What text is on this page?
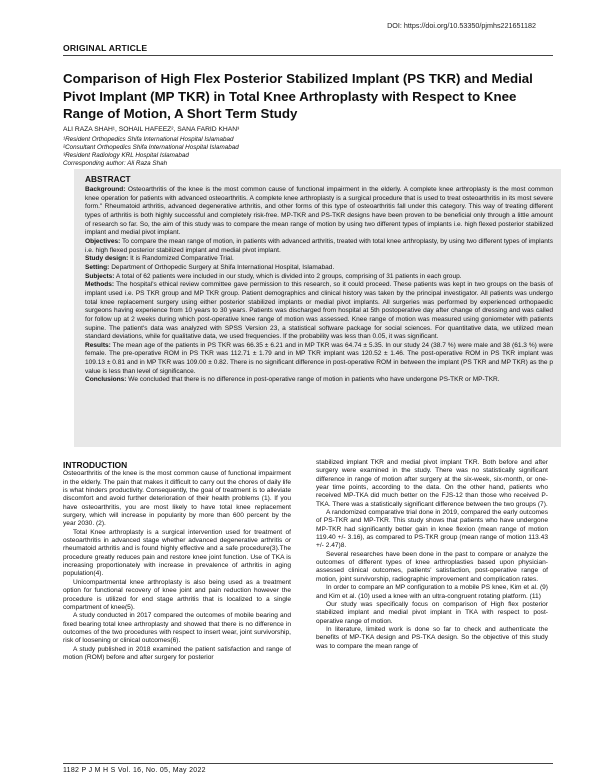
DOI: https://doi.org/10.53350/pjmhs221651182
ORIGINAL ARTICLE
Comparison of High Flex Posterior Stabilized Implant (PS TKR) and Medial Pivot Implant (MP TKR) in Total Knee Arthroplasty with Respect to Knee Range of Motion, A Short Term Study
ALI RAZA SHAH¹, SOHAIL HAFEEZ², SANA FARID KHAN³
¹Resident Orthopedics Shifa International Hospital Islamabad
²Consultant Orthopedics Shifa International Hospital Islamabad
³Resident Radiology KRL Hospital Islamabad
Corresponding author: Ali Raza Shah
ABSTRACT

Background: Osteoarthritis of the knee is the most common cause of functional impairment in the elderly. A complete knee arthroplasty is the most common knee operation for patients with advanced osteoarthritis. A complete knee arthroplasty is a surgical procedure that is used to treat osteoarthritis in its most severe form." Rheumatoid arthritis, advanced degenerative arthritis, and other forms of this type of osteoarthritis fall under this category. This way of treating different types of arthritis is both highly successful and completely risk-free. MP-TKR and PS-TKR designs have been proven to be beneficial only through a little amount of research so far. So, the aim of this study was to compare the mean range of motion by using two different types of implants i.e. high flexed posterior stabilized implant and medial pivot implant.

Objectives: To compare the mean range of motion, in patients with advanced arthritis, treated with total knee arthroplasty, by using two different types of implants i.e. high flexed posterior stabilized implant and medial pivot implant.

Study design: It is Randomized Comparative Trial.

Setting: Department of Orthopedic Surgery at Shifa International Hospital, Islamabad.

Subjects: A total of 62 patients were included in our study, which is divided into 2 groups, comprising of 31 patients in each group.

Methods: The hospital's ethical review committee gave permission to this research, so it could proceed. These patients was kept in two groups on the basis of implant used i.e. PS TKR group and MP TKR group. Patient demographics and clinical history was taken by the principal investigator. All patients was undergo total knee replacement surgery using either posterior stabilized implants or medial pivot implants. All surgeries was performed by experienced orthopaedic surgeons having experience from 10 years to 30 years. Patients was discharged from hospital at 5th postoperative day after change of dressing and was called for follow up at 2 weeks during which post-operative knee range of motion was assessed. Knee range of motion was measured using goniometer with patients supine. The patient's data was analyzed with SPSS Version 23, a statistical software package for social sciences. For quantitative data, we utilized mean standard deviations, while for qualitative data, we used frequencies. If the probability was less than 0.05, it was significant.

Results: The mean age of the patients in PS TKR was 66.35 ± 6.21 and in MP TKR was 64.74 ± 5.35. In our study 24 (38.7 %) were male and 38 (61.3 %) were female. The pre-operative ROM in PS TKR was 112.71 ± 1.79 and in MP TKR implant was 120.52 ± 1.46. The post-operative ROM in PS TKR implant was 109.13 ± 0.81 and in MP TKR was 109.00 ± 0.82. There is no significant difference in post-operative ROM in between the implant (PS TKR and MP TKR) as the p value is less than level of significance.

Conclusions: We concluded that there is no difference in post-operative range of motion in patients who have undergone PS-TKR or MP-TKR.

INTRODUCTION

Osteoarthritis of the knee is the most common cause of functional impairment in the elderly. The pain that makes it difficult to carry out the chores of daily life is what hinders productivity. Consequently, the goal of treatment is to alleviate discomfort and avoid further deterioration of their health problems (1). If you have osteoarthritis, you are most likely to have total knee replacement surgery, which will increase in popularity by more than 600 percent by the year 2030. (2).

Total Knee arthroplasty is a surgical intervention used for treatment of osteoarthritis in advanced stage whether advanced degenerative arthritis or rheumatoid arthritis and is found highly effective and a safe procedure(3).The procedure greatly reduces pain and restore knee joint function. Use of TKA is increasing proportionately with increase in prevalence of arthritis in aging population(4).

Unicompartmental knee arthroplasty is also being used as a treatment option for functional recovery of knee joint and pain reduction however the procedure is utilized for end stage arthritis that is localized to a single compartment of knee(5).

A study conducted in 2017 compared the outcomes of mobile bearing and fixed bearing total knee arthroplasty and showed that there is no difference in outcomes of the two procedures with respect to insert wear, joint survivorship, risk of loosening or clinical outcomes(6).

A study published in 2018 examined the patient satisfaction and range of motion (ROM) before and after surgery for posterior

stabilized implant TKR and medial pivot implant TKR. Both before and after surgery were examined in the study. There was no statistically significant difference in range of motion after surgery at the six-week, six-month, or one-year time points, according to the data. On the other hand, patients who received MP-TKA did much better on the FJS-12 than those who received P-TKA. There was a statistically significant difference between the two groups (7).

A randomized comparative trial done in 2019, compared the early outcomes of PS-TKR and MP-TKR. This study shows that patients who have undergone MP-TKR had significantly better gain in knee flexion (mean range of motion 119.40 +/- 3.16), as compared to PS-TKR group (mean range of motion 113.43 +/- 2.47)8.

Several researches have been done in the past to compare or analyze the outcomes of different types of knee arthroplasties based upon physician-assessed clinical outcomes, patients' satisfaction, post-operative range of motion, joint survivorship, radiographic improvement and complication rates.

In order to compare an MP configuration to a mobile PS knee, Kim et al. (9) and Kim et al. (10) used a knee with an ultra-congruent rotating platform. (11)

Our study was specifically focus on comparison of High flex posterior stabilized implant and medial pivot implant in TKA with respect to post-operative range of motion.

In literature, limited work is done so far to check and authenticate the benefits of MP-TKA design and PS-TKA design. So the objective of this study was to compare the mean range of

1182 P J M H S Vol. 16, No. 05, May 2022
